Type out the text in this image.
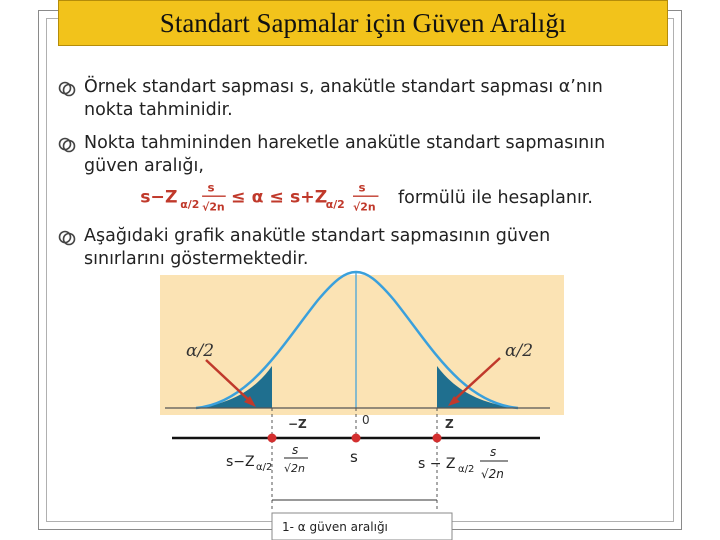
Standart Sapmalar için Güven Aralığı
Örnek standart sapması s, anakütle standart sapması α’nın nokta tahminidir.
Nokta tahmininden hareketle anakütle standart sapmasının güven aralığı,
s−Z α/2
s
√2n ≤ α ≤ s+Z
α/2
s
√2n formülü ile hesaplanır.
Aşağıdaki grafik anakütle standart sapmasının güven sınırlarını göstermektedir.
α/2	α/2
−Z	0	Z
s−Z α/2
s
√2n
s	s − Z α/2
s
√2n
1- α güven aralığı
